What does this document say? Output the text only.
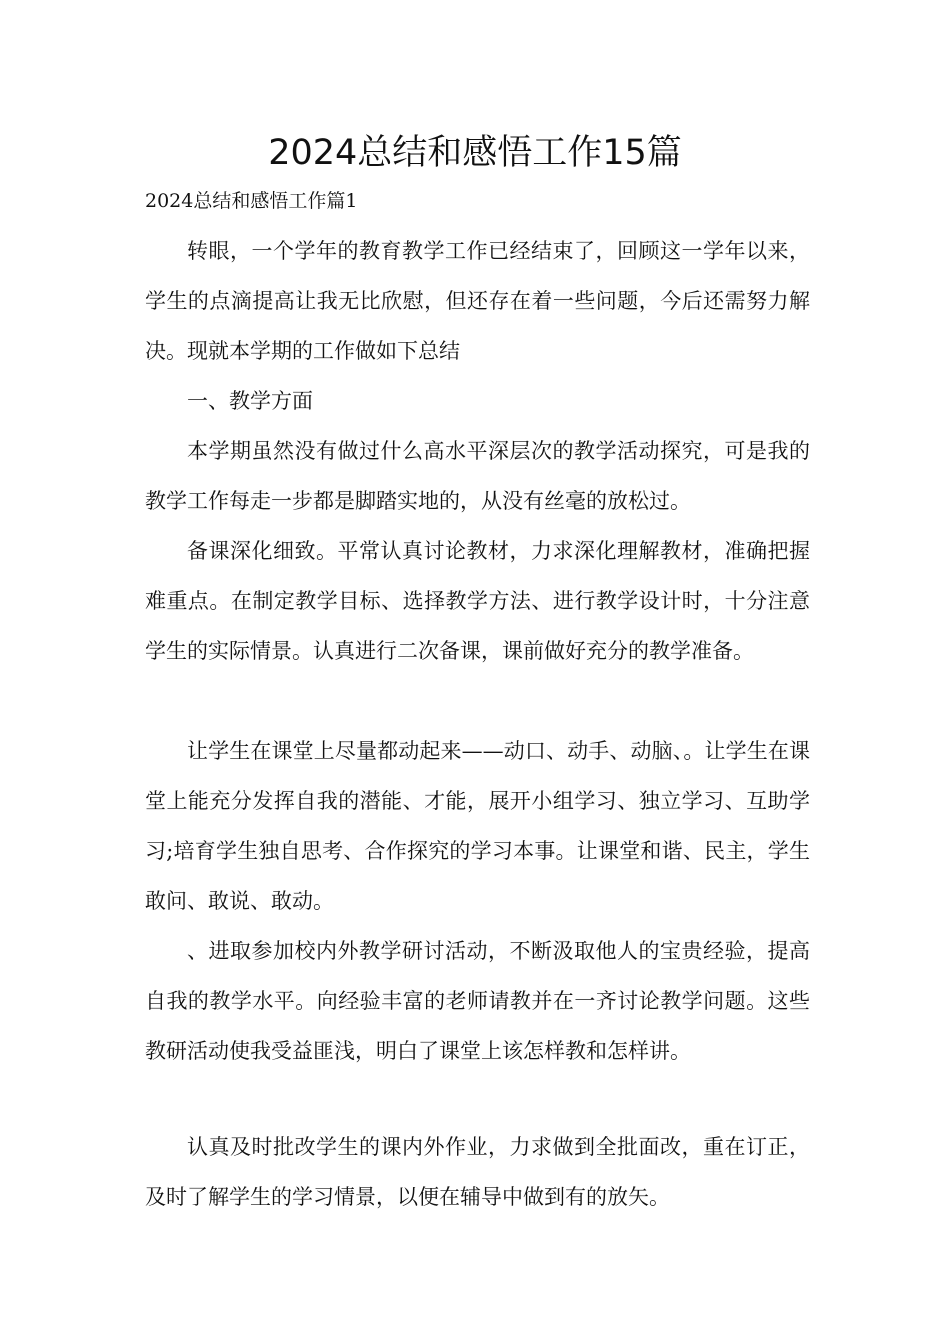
2024总结和感悟工作15篇
2024总结和感悟工作篇1
转眼，一个学年的教育教学工作已经结束了，回顾这一学年以来，学生的点滴提高让我无比欣慰，但还存在着一些问题，今后还需努力解决。现就本学期的工作做如下总结
一、教学方面
本学期虽然没有做过什么高水平深层次的教学活动探究，可是我的教学工作每走一步都是脚踏实地的，从没有丝毫的放松过。
备课深化细致。平常认真讨论教材，力求深化理解教材，准确把握难重点。在制定教学目标、选择教学方法、进行教学设计时，十分注意学生的实际情景。认真进行二次备课，课前做好充分的教学准备。
让学生在课堂上尽量都动起来——动口、动手、动脑、。让学生在课堂上能充分发挥自我的潜能、才能，展开小组学习、独立学习、互助学习;培育学生独自思考、合作探究的学习本事。让课堂和谐、民主，学生敢问、敢说、敢动。
、进取参加校内外教学研讨活动，不断汲取他人的宝贵经验，提高自我的教学水平。向经验丰富的老师请教并在一齐讨论教学问题。这些教研活动使我受益匪浅，明白了课堂上该怎样教和怎样讲。
认真及时批改学生的课内外作业，力求做到全批面改，重在订正，及时了解学生的学习情景，以便在辅导中做到有的放矢。
